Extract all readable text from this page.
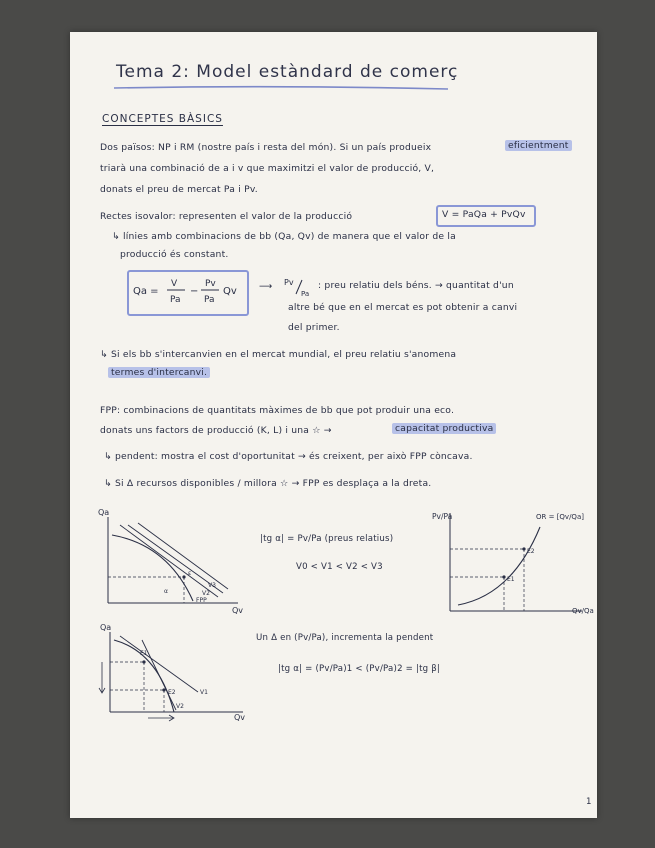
Tema 2: Model estàndard de comerç
CONCEPTES BÀSICS
Dos països: NP i RM (nostre país i resta del món). Si un país produeix	eficientment
triarà una combinació de a i v que maximitzi el valor de producció, V,
donats el preu de mercat Pa i Pv.
Rectes isovalor: representen el valor de la producció	V = PaQa + PvQv
↳ línies amb combinacions de bb (Qa, Qv) de manera que el valor de la
producció és constant.
Qa =
V
Pa
−
Pv
Pa
Qv ⟶ Pv
Pa
: preu relatiu dels béns. → quantitat d'un
altre bé que en el mercat es pot obtenir a canvi
del primer.
↳ Si els bb s'intercanvien en el mercat mundial, el preu relatiu s'anomena
termes d'intercanvi.
FPP: combinacions de quantitats màximes de bb que pot produir una eco.
donats uns factors de producció (K, L) i una ☆ →	capacitat productiva
↳ pendent: mostra el cost d'oportunitat → és creixent, per això FPP còncava.
↳ Si Δ recursos disponibles / millora ☆ → FPP es desplaça a la dreta.
Qa
Qv
ε
α
V3
V2
FPP
|tg α| = Pv/Pa (preus relatius)
V0 < V1 < V2 < V3
Pv/Pa
Qv/Qa
OR = [Qv/Qa]
E1
E2
Qa
Qv
E1
E2	V1
V2
Un Δ en (Pv/Pa), incrementa la pendent
|tg α| = (Pv/Pa)1 < (Pv/Pa)2 = |tg β|
1
